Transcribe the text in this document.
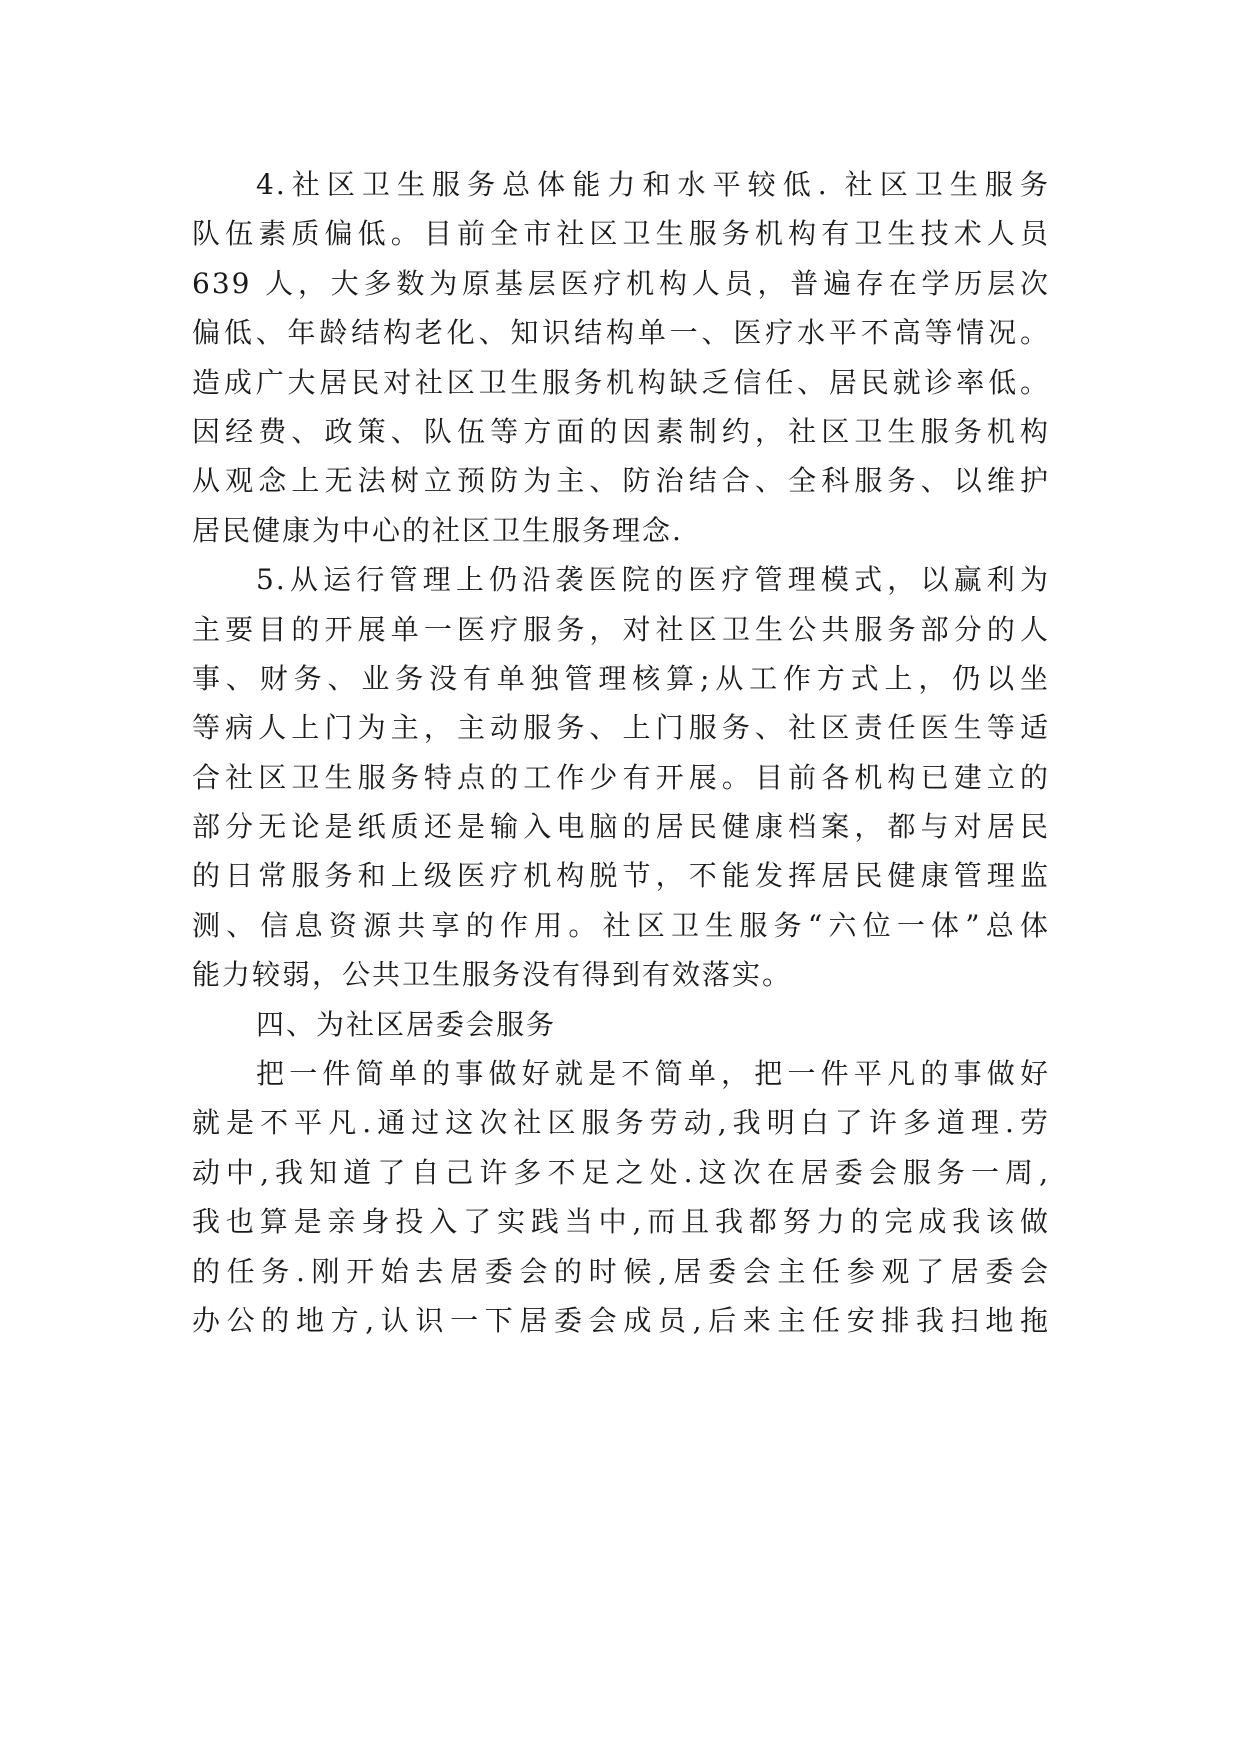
4.社区卫生服务总体能力和水平较低. 社区卫生服务
队伍素质偏低。目前全市社区卫生服务机构有卫生技术人员
639 人，大多数为原基层医疗机构人员，普遍存在学历层次
偏低、年龄结构老化、知识结构单一、医疗水平不高等情况。
造成广大居民对社区卫生服务机构缺乏信任、居民就诊率低。
因经费、政策、队伍等方面的因素制约，社区卫生服务机构
从观念上无法树立预防为主、防治结合、全科服务、以维护
居民健康为中心的社区卫生服务理念.
5.从运行管理上仍沿袭医院的医疗管理模式，以赢利为
主要目的开展单一医疗服务，对社区卫生公共服务部分的人
事、财务、业务没有单独管理核算;从工作方式上，仍以坐
等病人上门为主，主动服务、上门服务、社区责任医生等适
合社区卫生服务特点的工作少有开展。目前各机构已建立的
部分无论是纸质还是输入电脑的居民健康档案，都与对居民
的日常服务和上级医疗机构脱节，不能发挥居民健康管理监
测、信息资源共享的作用。社区卫生服务“六位一体”总体
能力较弱，公共卫生服务没有得到有效落实。
四、为社区居委会服务
把一件简单的事做好就是不简单，把一件平凡的事做好
就是不平凡.通过这次社区服务劳动,我明白了许多道理.劳
动中,我知道了自己许多不足之处.这次在居委会服务一周,
我也算是亲身投入了实践当中,而且我都努力的完成我该做
的任务.刚开始去居委会的时候,居委会主任参观了居委会
办公的地方,认识一下居委会成员,后来主任安排我扫地拖
